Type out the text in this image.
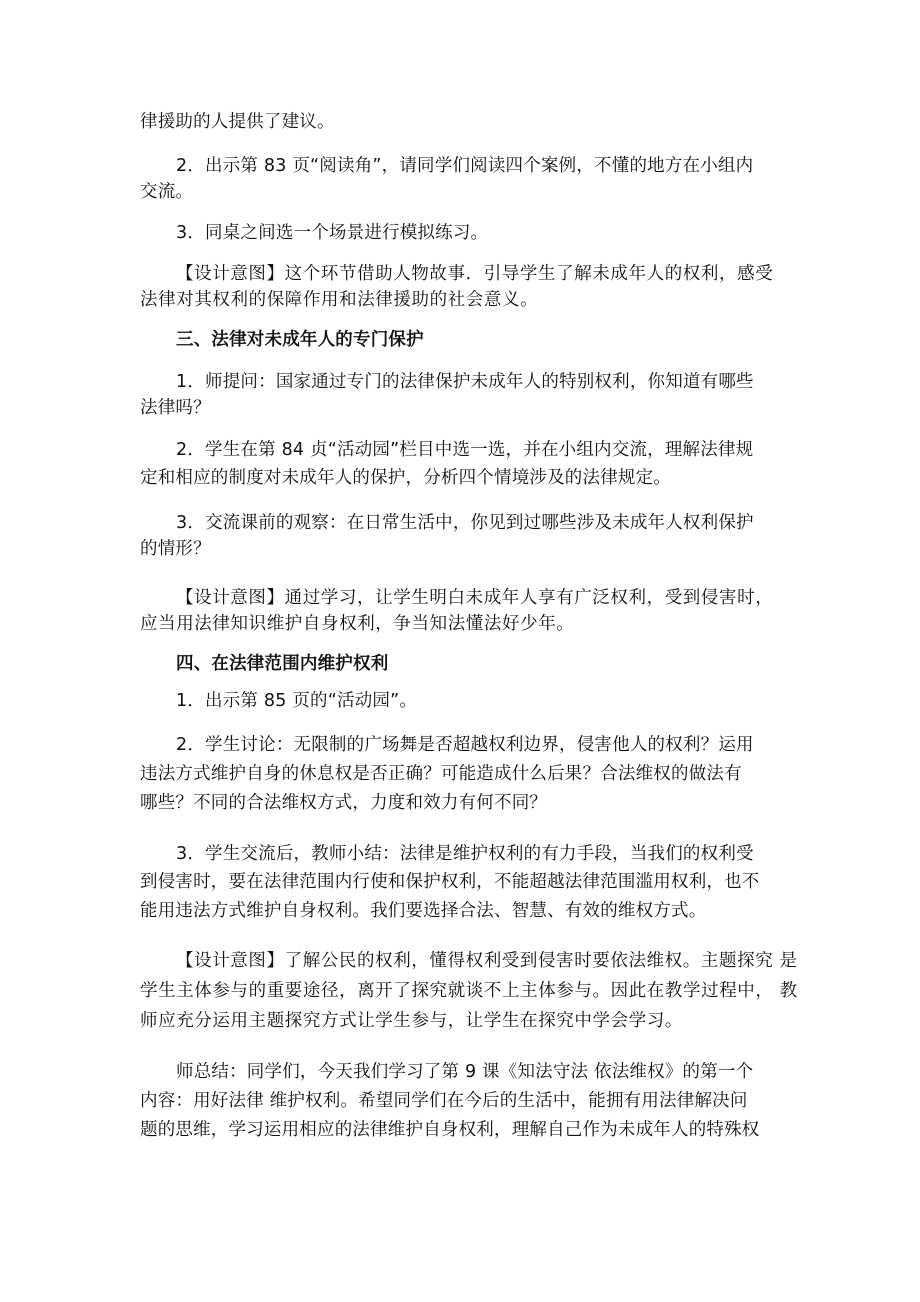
律援助的人提供了建议。
2．出示第 83 页“阅读角”，请同学们阅读四个案例，不懂的地方在小组内
交流。
3．同桌之间选一个场景进行模拟练习。
【设计意图】这个环节借助人物故事．引导学生了解未成年人的权利，感受
法律对其权利的保障作用和法律援助的社会意义。
三、法律对未成年人的专门保护
1．师提问：国家通过专门的法律保护未成年人的特别权利，你知道有哪些
法律吗？
2．学生在第 84 贞“活动园”栏目中选一选，并在小组内交流，理解法律规
定和相应的制度对未成年人的保护，分析四个情境涉及的法律规定。
3．交流课前的观察：在日常生活中，你见到过哪些涉及未成年人权利保护
的情形？
【设计意图】通过学习，让学生明白未成年人享有广泛权利，受到侵害时，
应当用法律知识维护自身权利，争当知法懂法好少年。
四、在法律范围内维护权利
1．出示第 85 页的“活动园”。
2．学生讨论：无限制的广场舞是否超越权利边界，侵害他人的权利？运用
违法方式维护自身的休息权是否正确？可能造成什么后果？合法维权的做法有
哪些？不同的合法维权方式，力度和效力有何不同？
3．学生交流后，教师小结：法律是维护权利的有力手段，当我们的权利受
到侵害时，要在法律范围内行使和保护权利，不能超越法律范围滥用权利，也不
能用违法方式维护自身权利。我们要选择合法、智慧、有效的维权方式。
【设计意图】了解公民的权利，懂得权利受到侵害时要依法维权。主题探究 是
学生主体参与的重要途径，离开了探究就谈不上主体参与。因此在教学过程中， 教
师应充分运用主题探究方式让学生参与，让学生在探究中学会学习。
师总结：同学们，今天我们学习了第 9 课《知法守法 依法维权》的第一个
内容：用好法律 维护权利。希望同学们在今后的生活中，能拥有用法律解决问
题的思维，学习运用相应的法律维护自身权利，理解自己作为未成年人的特殊权
